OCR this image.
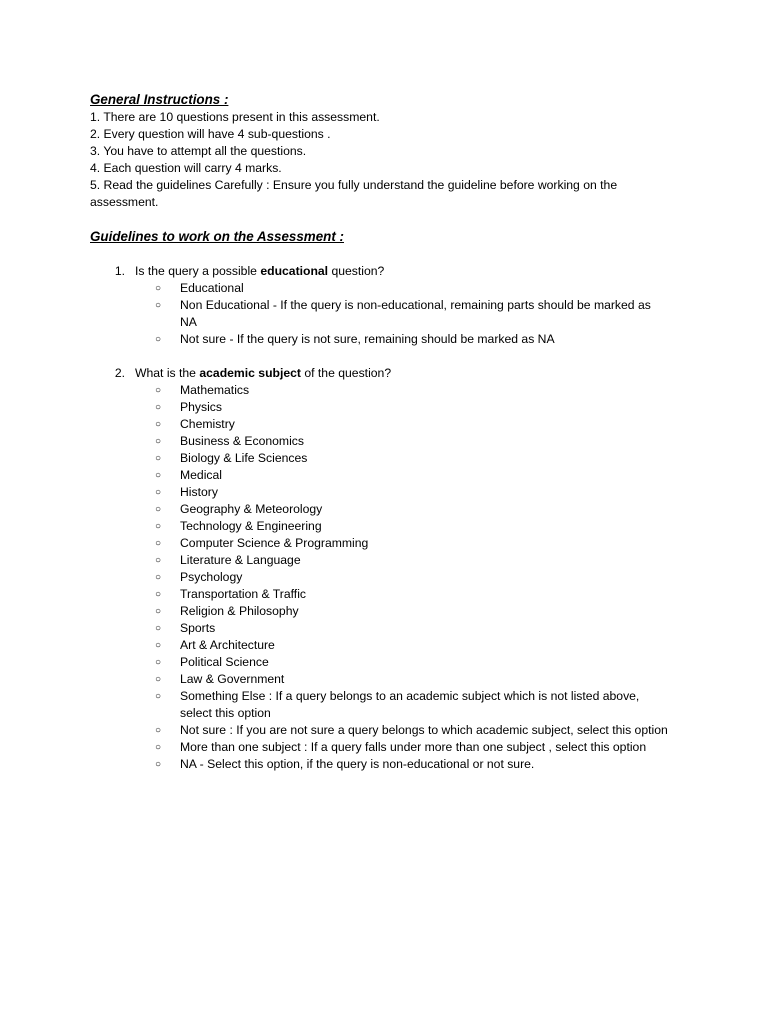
General Instructions :
1. There are 10 questions present in this assessment.
2. Every question will have 4 sub-questions .
3. You have to attempt all the questions.
4. Each question will carry 4 marks.
5. Read the guidelines Carefully : Ensure you fully understand the guideline before working on the assessment.
Guidelines to work on the Assessment :
1. Is the query a possible educational question?
○	Educational
○	Non Educational - If the query is non-educational, remaining parts should be marked as NA
○	Not sure - If the query is not sure, remaining should be marked as NA
2. What is the academic subject of the question?
○	Mathematics
○	Physics
○	Chemistry
○	Business & Economics
○	Biology & Life Sciences
○	Medical
○	History
○	Geography & Meteorology
○	Technology & Engineering
○	Computer Science & Programming
○	Literature & Language
○	Psychology
○	Transportation & Traffic
○	Religion & Philosophy
○	Sports
○	Art & Architecture
○	Political Science
○	Law & Government
○	Something Else : If a query belongs to an academic subject which is not listed above, select this option
○	Not sure : If you are not sure a query belongs to which academic subject, select this option
○	More than one subject : If a query falls under more than one subject , select this option
○	NA - Select this option, if the query is non-educational or not sure.
